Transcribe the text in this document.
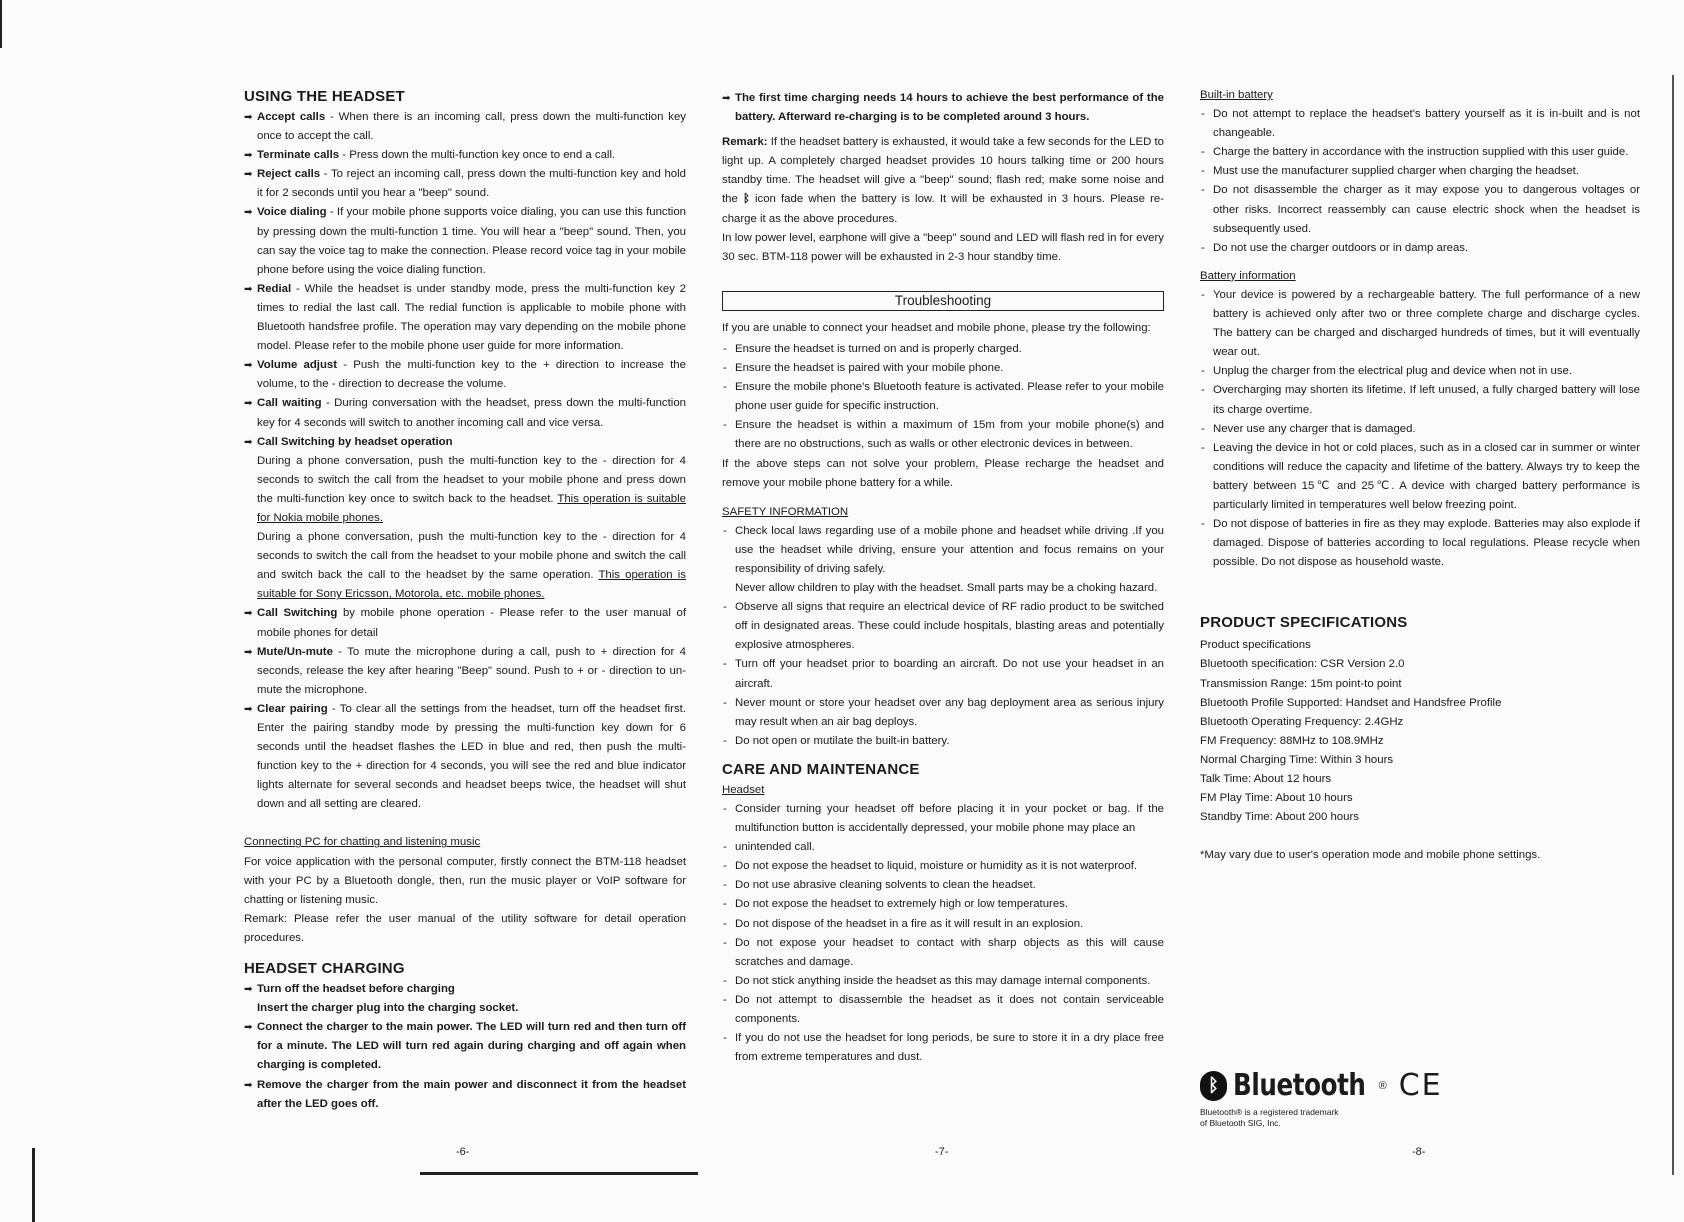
USING THE HEADSET

➡ Accept calls - When there is an incoming call, press down the multi-function key once to accept the call.

➡ Terminate calls - Press down the multi-function key once to end a call.

➡ Reject calls - To reject an incoming call, press down the multi-function key and hold it for 2 seconds until you hear a "beep" sound.

➡ Voice dialing - If your mobile phone supports voice dialing, you can use this function by pressing down the multi-function 1 time. You will hear a "beep" sound. Then, you can say the voice tag to make the connection. Please record voice tag in your mobile phone before using the voice dialing function.

➡ Redial - While the headset is under standby mode, press the multi-function key 2 times to redial the last call. The redial function is applicable to mobile phone with Bluetooth handsfree profile. The operation may vary depending on the mobile phone model. Please refer to the mobile phone user guide for more information.

➡ Volume adjust - Push the multi-function key to the + direction to increase the volume, to the - direction to decrease the volume.

➡ Call waiting - During conversation with the headset, press down the multi-function key for 4 seconds will switch to another incoming call and vice versa.

➡ Call Switching by headset operation

During a phone conversation, push the multi-function key to the - direction for 4 seconds to switch the call from the headset to your mobile phone and press down the multi-function key once to switch back to the headset. This operation is suitable for Nokia mobile phones.

During a phone conversation, push the multi-function key to the - direction for 4 seconds to switch the call from the headset to your mobile phone and switch the call and switch back the call to the headset by the same operation. This operation is suitable for Sony Ericsson, Motorola, etc. mobile phones.

➡ Call Switching by mobile phone operation - Please refer to the user manual of mobile phones for detail

➡ Mute/Un-mute - To mute the microphone during a call, push to + direction for 4 seconds, release the key after hearing "Beep" sound. Push to + or - direction to un-mute the microphone.

➡ Clear pairing - To clear all the settings from the headset, turn off the headset first. Enter the pairing standby mode by pressing the multi-function key down for 6 seconds until the headset flashes the LED in blue and red, then push the multi-function key to the + direction for 4 seconds, you will see the red and blue indicator lights alternate for several seconds and headset beeps twice, the headset will shut down and all setting are cleared.

Connecting PC for chatting and listening music

For voice application with the personal computer, firstly connect the BTM-118 headset with your PC by a Bluetooth dongle, then, run the music player or VoIP software for chatting or listening music.

Remark: Please refer the user manual of the utility software for detail operation procedures.

HEADSET CHARGING

➡ Turn off the headset before charging

Insert the charger plug into the charging socket.

➡ Connect the charger to the main power. The LED will turn red and then turn off for a minute. The LED will turn red again during charging and off again when charging is completed.

➡ Remove the charger from the main power and disconnect it from the headset after the LED goes off.

-6-

➡ The first time charging needs 14 hours to achieve the best performance of the battery. Afterward re-charging is to be completed around 3 hours.

Remark: If the headset battery is exhausted, it would take a few seconds for the LED to light up. A completely charged headset provides 10 hours talking time or 200 hours standby time. The headset will give a "beep" sound; flash red; make some noise and the ᛒ icon fade when the battery is low. It will be exhausted in 3 hours. Please re-charge it as the above procedures.

In low power level, earphone will give a "beep" sound and LED will flash red in for every 30 sec. BTM-118 power will be exhausted in 2-3 hour standby time.

Troubleshooting

If you are unable to connect your headset and mobile phone, please try the following:

- Ensure the headset is turned on and is properly charged.

- Ensure the headset is paired with your mobile phone.

- Ensure the mobile phone's Bluetooth feature is activated. Please refer to your mobile phone user guide for specific instruction.

- Ensure the headset is within a maximum of 15m from your mobile phone(s) and there are no obstructions, such as walls or other electronic devices in between.

If the above steps can not solve your problem, Please recharge the headset and remove your mobile phone battery for a while.

SAFETY INFORMATION

- Check local laws regarding use of a mobile phone and headset while driving .If you use the headset while driving, ensure your attention and focus remains on your responsibility of driving safely.

Never allow children to play with the headset. Small parts may be a choking hazard.

- Observe all signs that require an electrical device of RF radio product to be switched off in designated areas. These could include hospitals, blasting areas and potentially explosive atmospheres.

- Turn off your headset prior to boarding an aircraft. Do not use your headset in an aircraft.

- Never mount or store your headset over any bag deployment area as serious injury may result when an air bag deploys.

- Do not open or mutilate the built-in battery.

CARE AND MAINTENANCE

Headset

- Consider turning your headset off before placing it in your pocket or bag. If the multifunction button is accidentally depressed, your mobile phone may place an

- unintended call.

- Do not expose the headset to liquid, moisture or humidity as it is not waterproof.

- Do not use abrasive cleaning solvents to clean the headset.

- Do not expose the headset to extremely high or low temperatures.

- Do not dispose of the headset in a fire as it will result in an explosion.

- Do not expose your headset to contact with sharp objects as this will cause scratches and damage.

- Do not stick anything inside the headset as this may damage internal components.

- Do not attempt to disassemble the headset as it does not contain serviceable components.

- If you do not use the headset for long periods, be sure to store it in a dry place free from extreme temperatures and dust.

-7-

Built-in battery

- Do not attempt to replace the headset's battery yourself as it is in-built and is not changeable.

- Charge the battery in accordance with the instruction supplied with this user guide.

- Must use the manufacturer supplied charger when charging the headset.

- Do not disassemble the charger as it may expose you to dangerous voltages or other risks. Incorrect reassembly can cause electric shock when the headset is subsequently used.

- Do not use the charger outdoors or in damp areas.

Battery information

- Your device is powered by a rechargeable battery. The full performance of a new battery is achieved only after two or three complete charge and discharge cycles. The battery can be charged and discharged hundreds of times, but it will eventually wear out.

- Unplug the charger from the electrical plug and device when not in use.

- Overcharging may shorten its lifetime. If left unused, a fully charged battery will lose its charge overtime.

- Never use any charger that is damaged.

- Leaving the device in hot or cold places, such as in a closed car in summer or winter conditions will reduce the capacity and lifetime of the battery. Always try to keep the battery between 15℃ and 25℃. A device with charged battery performance is particularly limited in temperatures well below freezing point.

- Do not dispose of batteries in fire as they may explode. Batteries may also explode if damaged. Dispose of batteries according to local regulations. Please recycle when possible. Do not dispose as household waste.

PRODUCT SPECIFICATIONS

Product specifications

Bluetooth specification: CSR Version 2.0

Transmission Range: 15m point-to point

Bluetooth Profile Supported: Handset and Handsfree Profile

Bluetooth Operating Frequency: 2.4GHz

FM Frequency: 88MHz to 108.9MHz

Normal Charging Time: Within 3 hours

Talk Time: About 12 hours

FM Play Time: About 10 hours

Standby Time: About 200 hours

*May vary due to user's operation mode and mobile phone settings.

ᛒ Bluetooth ® CE
Bluetooth® is a registered trademark
of Bluetooth SIG, Inc.
-8-
